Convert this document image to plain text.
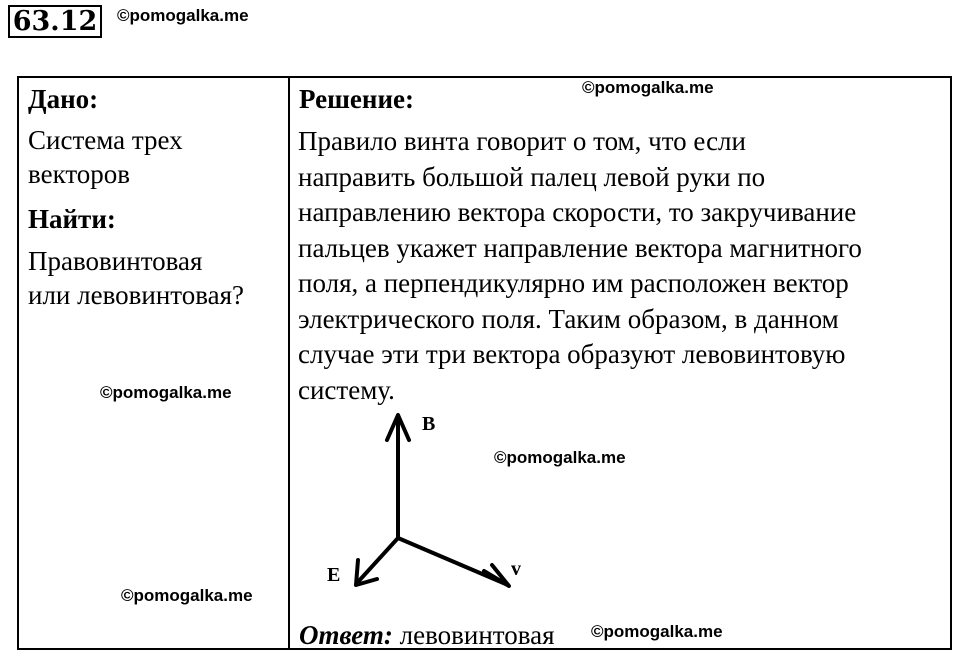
63.12 ©pomogalka.me
Дано:
Система трех
векторов
Найти:
Правовинтовая
или левовинтовая?
Решение:
Правило винта говорит о том, что если
направить большой палец левой руки по
направлению вектора скорости, то закручивание
пальцев укажет направление вектора магнитного
поля, а перпендикулярно им расположен вектор
электрического поля. Таким образом, в данном
случае эти три вектора образуют левовинтовую
систему.
B
E	v
Ответ: левовинтовая
©pomogalka.me
©pomogalka.me
©pomogalka.me
©pomogalka.me
©pomogalka.me
